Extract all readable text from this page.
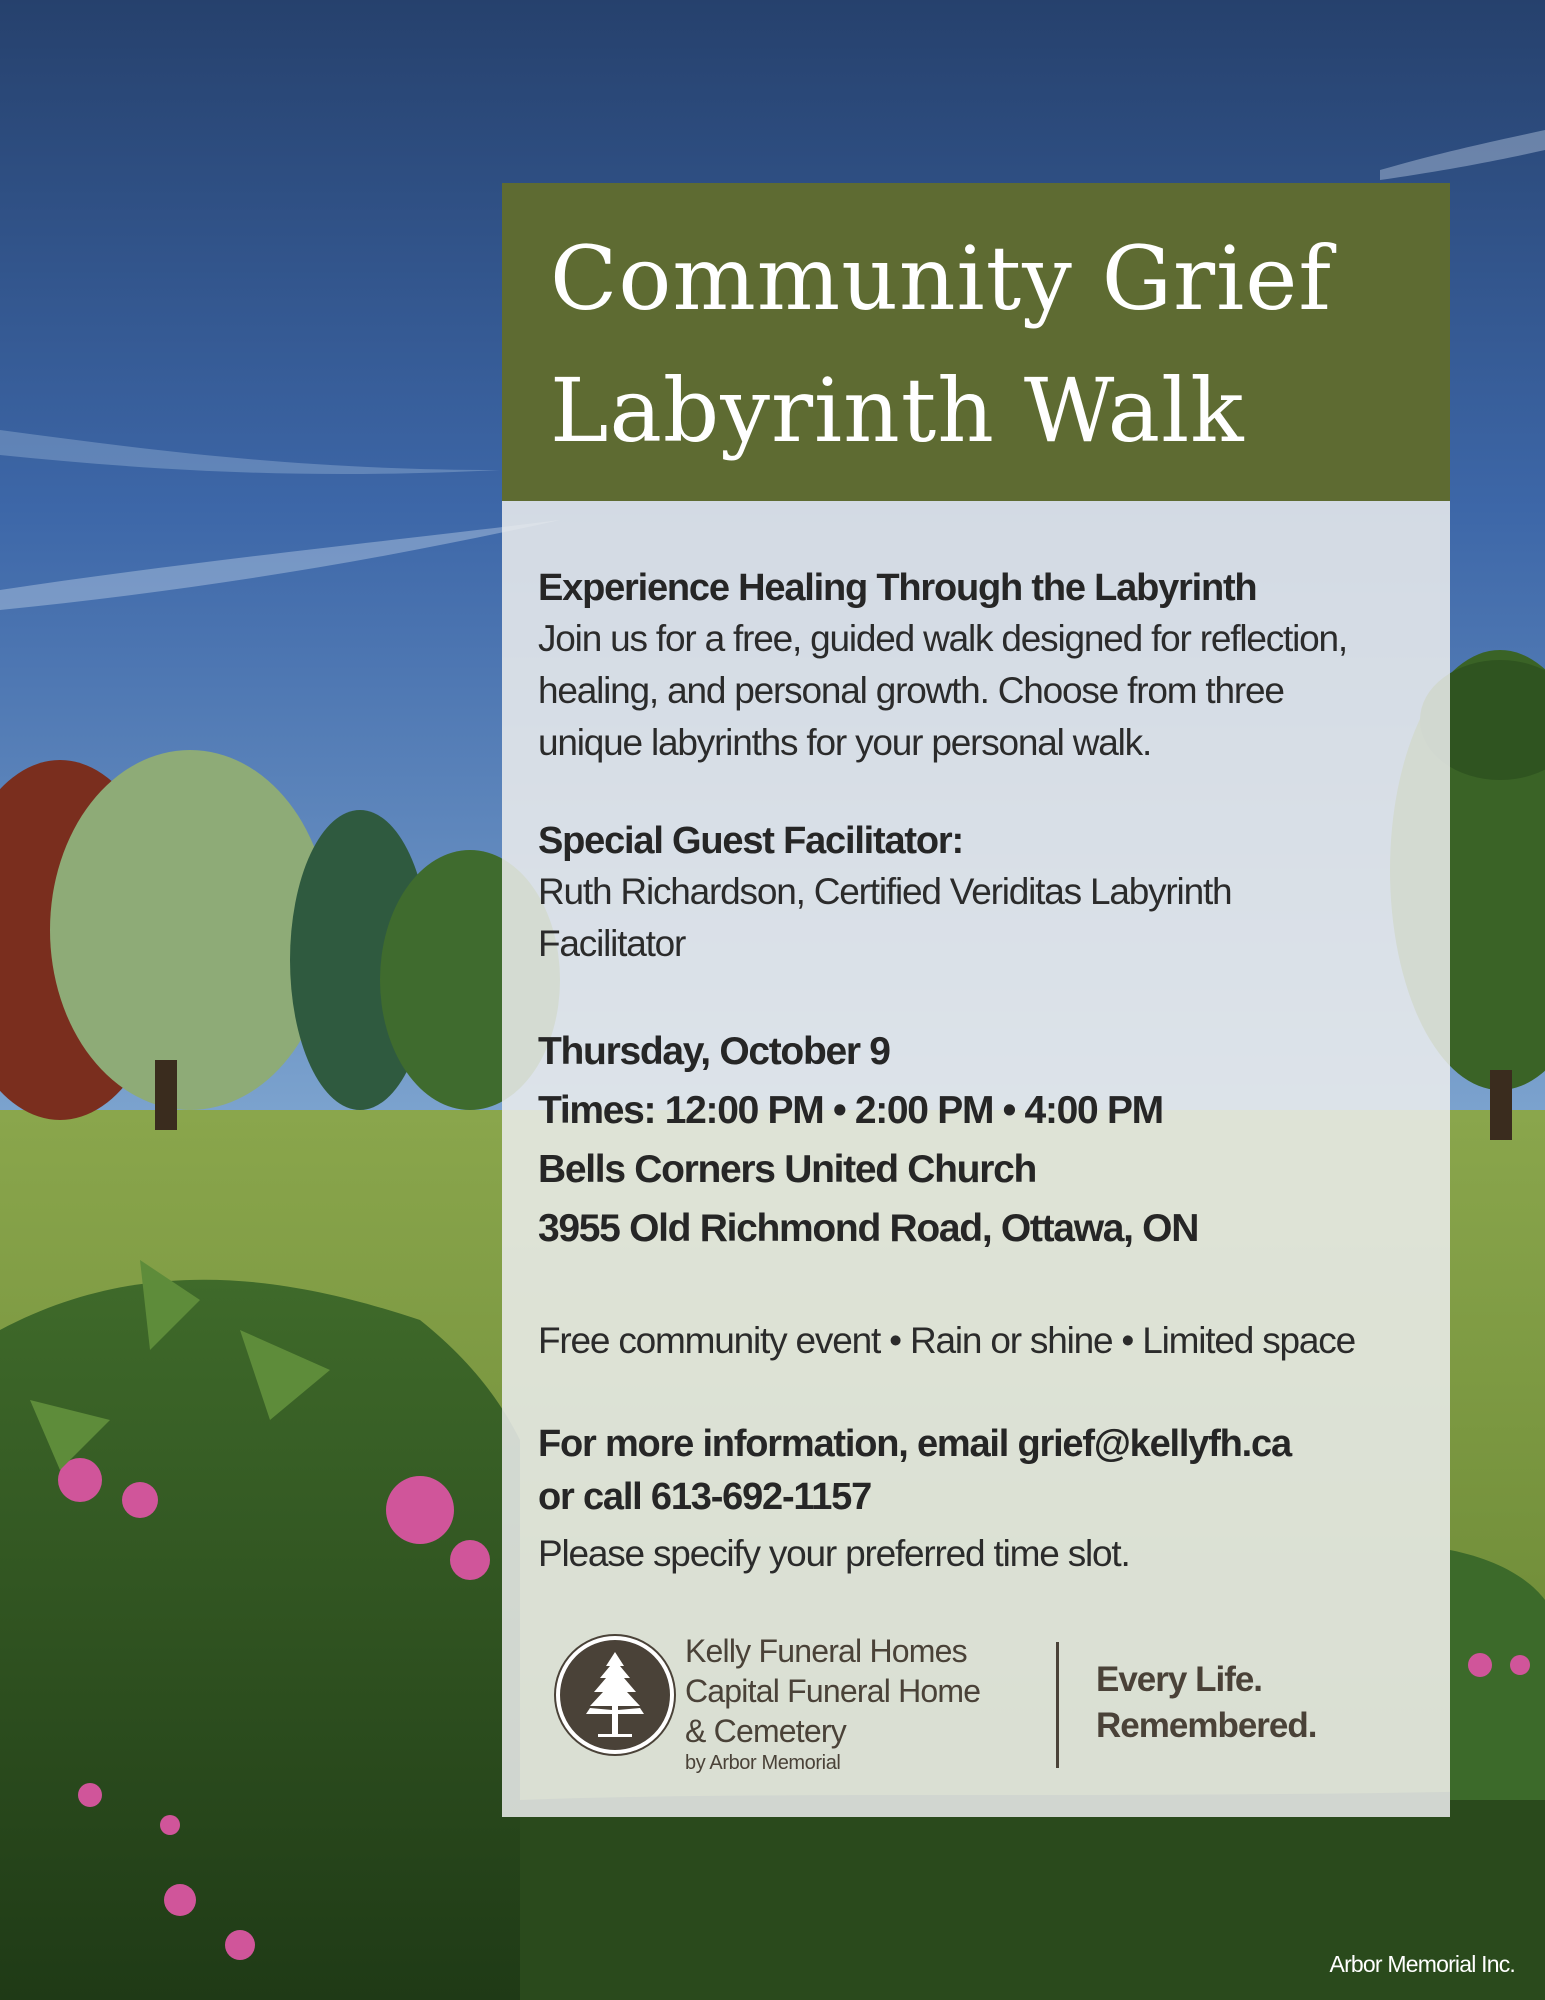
Community Grief
Labyrinth Walk
Experience Healing Through the Labyrinth
Join us for a free, guided walk designed for reflection,
healing, and personal growth. Choose from three
unique labyrinths for your personal walk.
Special Guest Facilitator:
Ruth Richardson, Certified Veriditas Labyrinth
Facilitator
Thursday, October 9
Times: 12:00 PM • 2:00 PM • 4:00 PM
Bells Corners United Church
3955 Old Richmond Road, Ottawa, ON
Free community event • Rain or shine • Limited space
For more information, email grief@kellyfh.ca
or call 613-692-1157
Please specify your preferred time slot.
Kelly Funeral Homes
Capital Funeral Home
& Cemetery
by Arbor Memorial
Every Life.
Remembered.
Arbor Memorial Inc.
